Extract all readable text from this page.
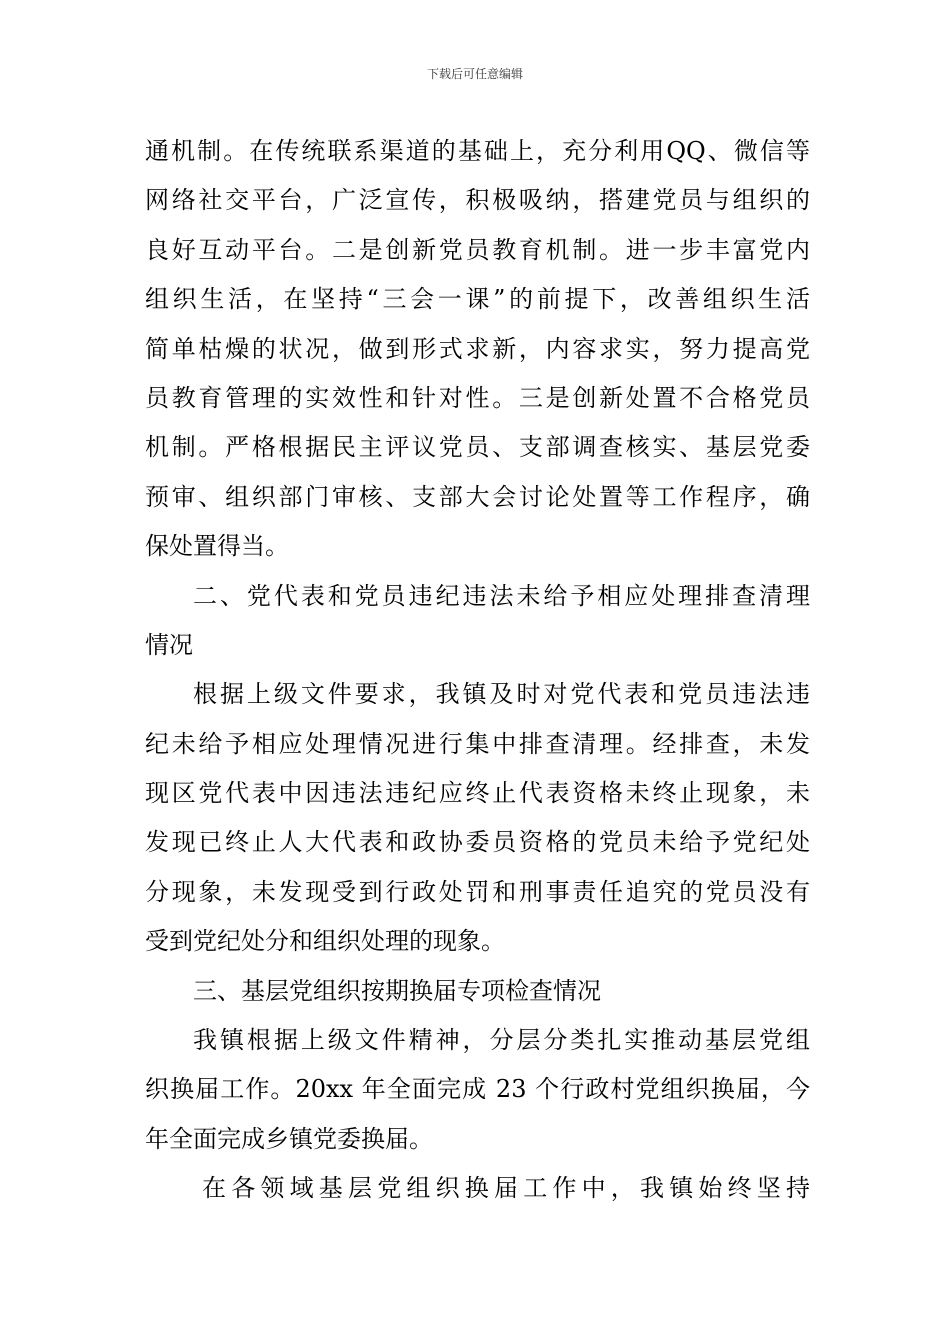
下载后可任意编辑
通机制。在传统联系渠道的基础上，充分利用QQ、微信等
网络社交平台，广泛宣传，积极吸纳，搭建党员与组织的
良好互动平台。二是创新党员教育机制。进一步丰富党内
组织生活，在坚持“三会一课”的前提下，改善组织生活
简单枯燥的状况，做到形式求新，内容求实，努力提高党
员教育管理的实效性和针对性。三是创新处置不合格党员
机制。严格根据民主评议党员、支部调查核实、基层党委
预审、组织部门审核、支部大会讨论处置等工作程序，确
保处置得当。
二、党代表和党员违纪违法未给予相应处理排查清理
情况
根据上级文件要求，我镇及时对党代表和党员违法违
纪未给予相应处理情况进行集中排查清理。经排查，未发
现区党代表中因违法违纪应终止代表资格未终止现象，未
发现已终止人大代表和政协委员资格的党员未给予党纪处
分现象，未发现受到行政处罚和刑事责任追究的党员没有
受到党纪处分和组织处理的现象。
三、基层党组织按期换届专项检查情况
我镇根据上级文件精神，分层分类扎实推动基层党组
织换届工作。20xx 年全面完成 23 个行政村党组织换届，今
年全面完成乡镇党委换届。
在各领域基层党组织换届工作中，我镇始终坚持
